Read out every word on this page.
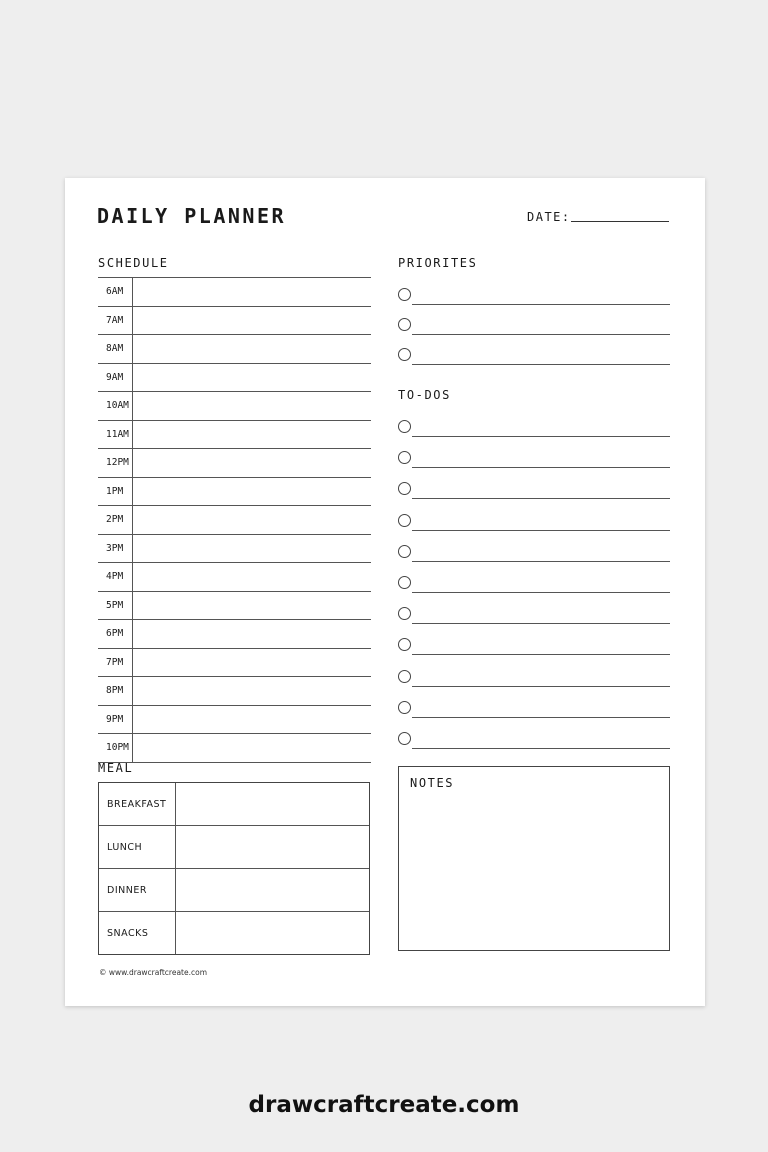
DAILY PLANNER	DATE:
SCHEDULE
6AM
7AM
8AM
9AM
10AM
11AM
12PM
1PM
2PM
3PM
4PM
5PM
6PM
7PM
8PM
9PM
10PM
PRIORITES
TO-DOS
MEAL
BREAKFAST
LUNCH
DINNER
SNACKS
NOTES
© www.drawcraftcreate.com
drawcraftcreate.com
